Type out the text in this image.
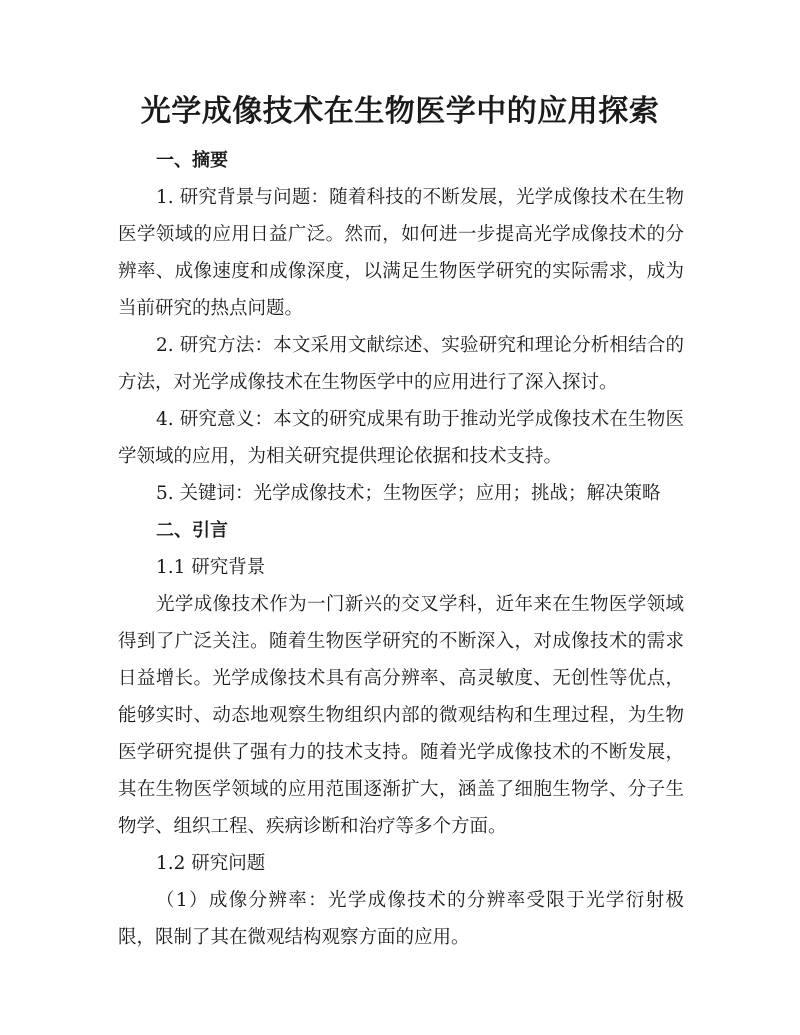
光学成像技术在生物医学中的应用探索
一、摘要
1. 研究背景与问题：随着科技的不断发展，光学成像技术在生物医学领域的应用日益广泛。然而，如何进一步提高光学成像技术的分辨率、成像速度和成像深度，以满足生物医学研究的实际需求，成为当前研究的热点问题。
2. 研究方法：本文采用文献综述、实验研究和理论分析相结合的方法，对光学成像技术在生物医学中的应用进行了深入探讨。
4. 研究意义：本文的研究成果有助于推动光学成像技术在生物医学领域的应用，为相关研究提供理论依据和技术支持。
5. 关键词：光学成像技术；生物医学；应用；挑战；解决策略
二、引言
1.1 研究背景
光学成像技术作为一门新兴的交叉学科，近年来在生物医学领域得到了广泛关注。随着生物医学研究的不断深入，对成像技术的需求日益增长。光学成像技术具有高分辨率、高灵敏度、无创性等优点，能够实时、动态地观察生物组织内部的微观结构和生理过程，为生物医学研究提供了强有力的技术支持。随着光学成像技术的不断发展，其在生物医学领域的应用范围逐渐扩大，涵盖了细胞生物学、分子生物学、组织工程、疾病诊断和治疗等多个方面。
1.2 研究问题
（1）成像分辨率：光学成像技术的分辨率受限于光学衍射极限，限制了其在微观结构观察方面的应用。
